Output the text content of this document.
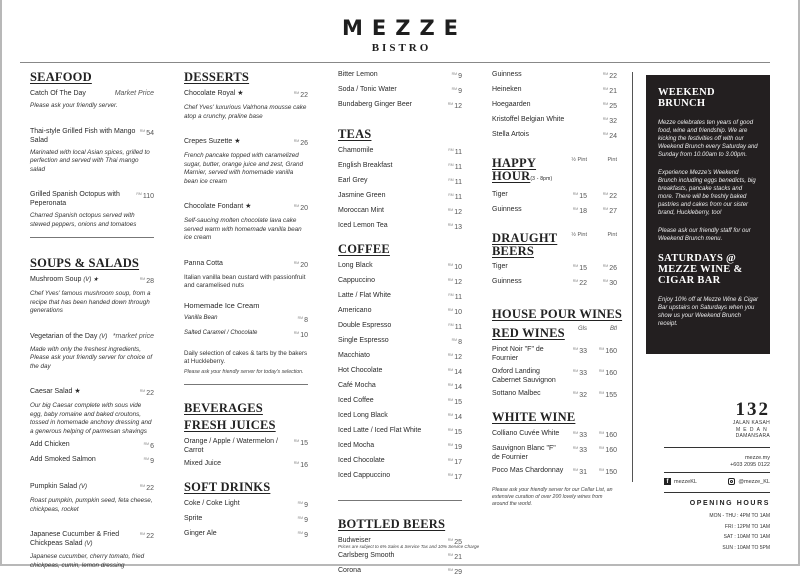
MEZZE
BISTRO
SEAFOOD
Catch Of The Day	Market Price
Please ask your friendly server.
Thai-style Grilled Fish with Mango Salad
$^{RM}$54
Marinated with local Asian spices, grilled to perfection and served with Thai mango salad
Grilled Spanish Octopus with Peperonata
$^{RM}$110
Charred Spanish octopus served with stewed peppers, onions and tomatoes
SOUPS & SALADS
Mushroom Soup (V) ★	$^{RM}$28
Chef Yves' famous mushroom soup, from a recipe that has been handed down through generations
Vegetarian of the Day (V) *market price
Made with only the freshest ingredients, Please ask your friendly server for choice of the day
Caesar Salad ★	$^{RM}$22
Our big Caesar complete with sous vide egg, baby romaine and baked croutons, tossed in homemade anchovy dressing and a generous helping of parmesan shavings
Add Chicken	$^{RM}$6
Add Smoked Salmon	$^{RM}$9
Pumpkin Salad (V)	$^{RM}$22
Roast pumpkin, pumpkin seed, feta cheese, chickpeas, rocket
Japanese Cucumber & Fried Chickpeas Salad (V)
$^{RM}$22
Japanese cucumber, cherry tomato, fried chickpeas, cumin, lemon dressing
DESSERTS
Chocolate Royal ★	$^{RM}$22
Chef Yves' luxurious Valrhona mousse cake atop a crunchy, praline base
Crepes Suzette ★	$^{RM}$26
French pancake topped with caramelized sugar, butter, orange juice and zest, Grand Marnier, served with homemade vanilla bean ice cream
Chocolate Fondant ★	$^{RM}$20
Self-saucing molten chocolate lava cake served warm with homemade vanilla bean ice cream
Panna Cotta	$^{RM}$20
Italian vanilla bean custard with passionfruit and caramelised nuts
Homemade Ice Cream
Vanilla Bean	$^{RM}$8
Salted Caramel / Chocolate	$^{RM}$10
Daily selection of cakes & tarts by the bakers at Huckleberry.
Please ask your friendly server for today's selection.
BEVERAGES
FRESH JUICES
Orange / Apple / Watermelon / Carrot
$^{RM}$15
Mixed Juice	$^{RM}$16
SOFT DRINKS
Coke / Coke Light	$^{RM}$9
Sprite	$^{RM}$9
Ginger Ale	$^{RM}$9
Bitter Lemon	$^{RM}$9
Soda / Tonic Water	$^{RM}$9
Bundaberg Ginger Beer	$^{RM}$12
TEAS
Chamomile	$^{RM}$11
English Breakfast	$^{RM}$11
Earl Grey	$^{RM}$11
Jasmine Green	$^{RM}$11
Moroccan Mint	$^{RM}$12
Iced Lemon Tea	$^{RM}$13
COFFEE
Long Black	$^{RM}$10
Cappuccino	$^{RM}$12
Latte / Flat White	$^{RM}$11
Americano	$^{RM}$10
Double Espresso	$^{RM}$11
Single Espresso	$^{RM}$8
Macchiato	$^{RM}$12
Hot Chocolate	$^{RM}$14
Café Mocha	$^{RM}$14
Iced Coffee	$^{RM}$15
Iced Long Black	$^{RM}$14
Iced Latte / Iced Flat White	$^{RM}$15
Iced Mocha	$^{RM}$19
Iced Chocolate	$^{RM}$17
Iced Cappuccino	$^{RM}$17
BOTTLED BEERS
Budweiser	$^{RM}$25
Carlsberg Smooth	$^{RM}$21
Corona	$^{RM}$29
Guinness	$^{RM}$22
Heineken	$^{RM}$21
Hoegaarden	$^{RM}$25
Kristoffel Belgian White	$^{RM}$32
Stella Artois	$^{RM}$24
HAPPY
HOUR(3 - 8pm)
½ Pint	Pint
Tiger	$^{RM}$15	$^{RM}$22
Guinness	$^{RM}$18	$^{RM}$27
DRAUGHT
BEERS
½ Pint	Pint
Tiger	$^{RM}$15	$^{RM}$26
Guinness	$^{RM}$22	$^{RM}$30
HOUSE POUR WINES
RED WINES	Gls	Btl
Pinot Noir "F" de Fournier
$^{RM}$33	$^{RM}$160
Oxford Landing Cabernet Sauvignon
$^{RM}$33	$^{RM}$160
Sottano Malbec	$^{RM}$32	$^{RM}$155
WHITE WINE
Colliano Cuvée White	$^{RM}$33	$^{RM}$160
Sauvignon Blanc "F" de Fournier
$^{RM}$33	$^{RM}$160
Poco Mas Chardonnay	$^{RM}$31	$^{RM}$150
Please ask your friendly server for our Cellar List, an extensive curation of over 200 lovely wines from around the world.
WEEKEND BRUNCH
Mezze celebrates ten years of good food, wine and friendship. We are kicking the festivities off with our Weekend Brunch every Saturday and Sunday from 10.00am to 3.00pm.
Experience Mezze's Weekend Brunch including eggs benedicts, big breakfasts, pancake stacks and more. There will be freshly baked pastries and cakes from our sister brand, Huckleberry, too!
Please ask our friendly staff for our Weekend Brunch menu.
SATURDAYS @ MEZZE WINE & CIGAR BAR
Enjoy 10% off at Mezze Wine & Cigar Bar upstairs on Saturdays when you show us your Weekend Brunch receipt.
132
JALAN KASAH
MEDAN
DAMANSARA
mezze.my
+603 2095 0122
f	mezzeKL	@mezze_KL
OPENING HOURS
MON - THU : 4PM TO 1AM
FRI : 12PM TO 1AM
SAT : 10AM TO 1AM
SUN : 10AM TO 5PM
Prices are subject to 6% Sales & Service Tax and 10% Service Charge
